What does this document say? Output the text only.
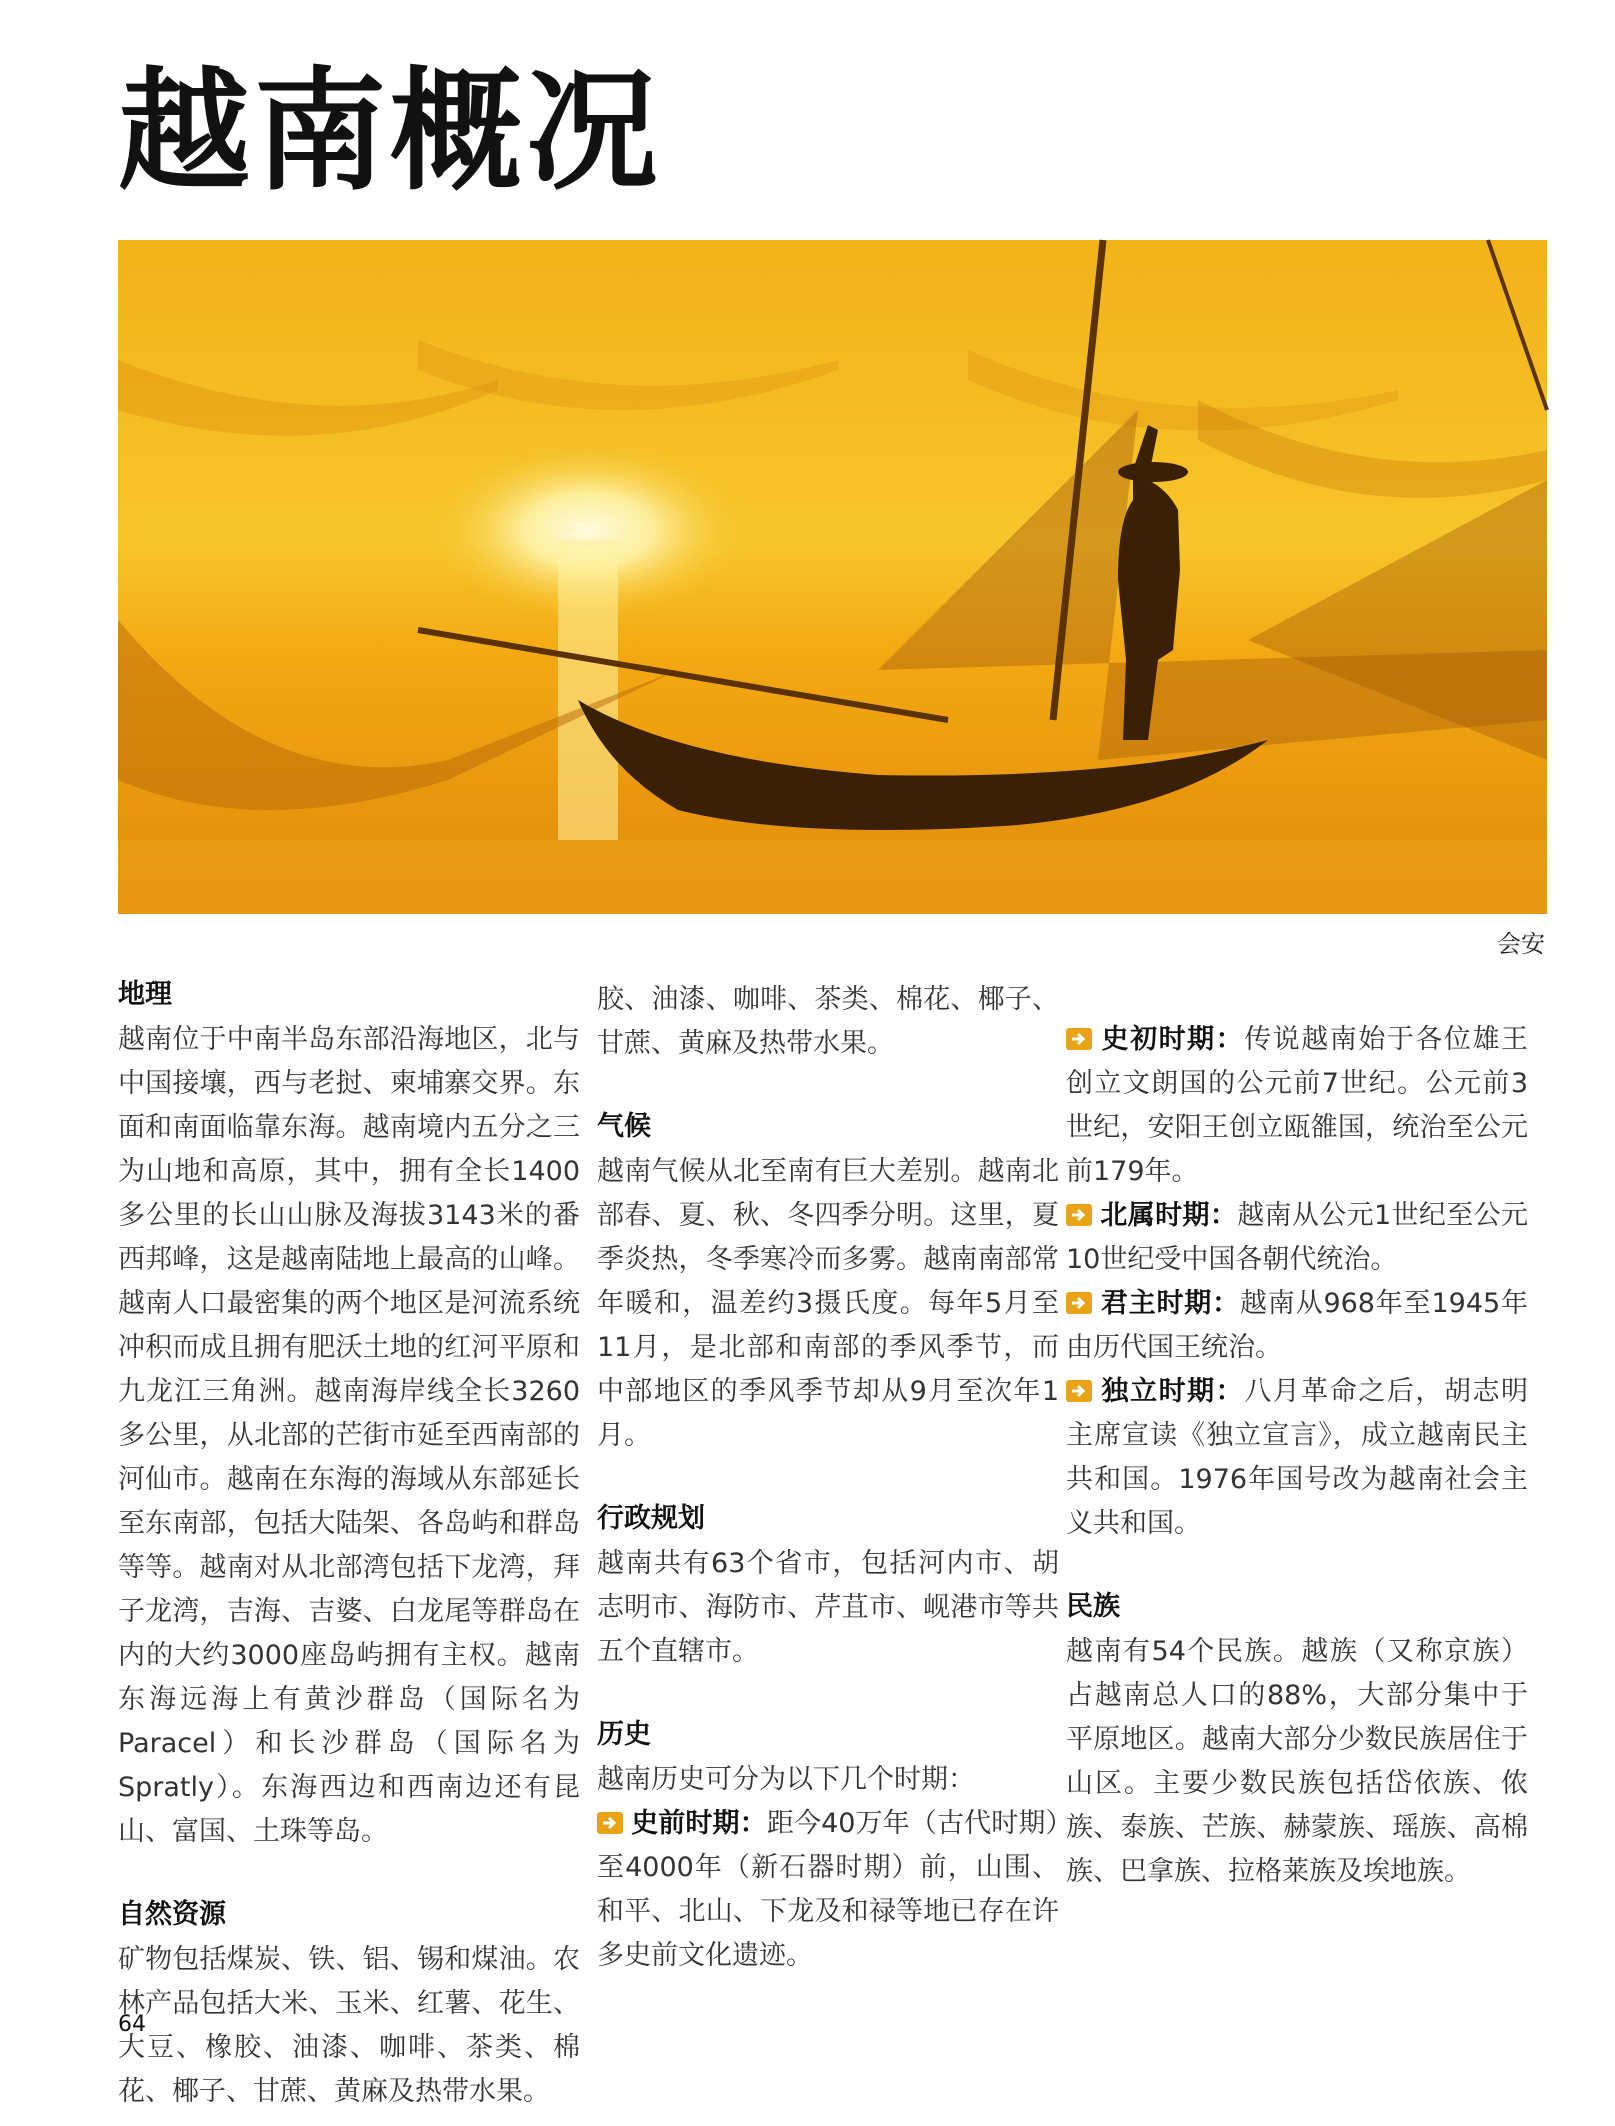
越南概况
会安
地理

越南位于中南半岛东部沿海地区，北与中国接壤，西与老挝、柬埔寨交界。东面和南面临靠东海。越南境内五分之三为山地和高原，其中，拥有全长1400多公里的长山山脉及海拔3143米的番西邦峰，这是越南陆地上最高的山峰。越南人口最密集的两个地区是河流系统冲积而成且拥有肥沃土地的红河平原和九龙江三角洲。越南海岸线全长3260多公里，从北部的芒街市延至西南部的河仙市。越南在东海的海域从东部延长至东南部，包括大陆架、各岛屿和群岛等等。越南对从北部湾包括下龙湾，拜子龙湾，吉海、吉婆、白龙尾等群岛在内的大约3000座岛屿拥有主权。越南东海远海上有黄沙群岛（国际名为Paracel）和长沙群岛（国际名为Spratly）。东海西边和西南边还有昆山、富国、土珠等岛。

自然资源

矿物包括煤炭、铁、铝、锡和煤油。农林产品包括大米、玉米、红薯、花生、大豆、橡胶、油漆、咖啡、茶类、棉花、椰子、甘蔗、黄麻及热带水果。

胶、油漆、咖啡、茶类、棉花、椰子、甘蔗、黄麻及热带水果。

气候

越南气候从北至南有巨大差别。越南北部春、夏、秋、冬四季分明。这里，夏季炎热，冬季寒冷而多雾。越南南部常年暖和，温差约3摄氏度。每年5月至11月，是北部和南部的季风季节，而中部地区的季风季节却从9月至次年1月。

行政规划

越南共有63个省市，包括河内市、胡志明市、海防市、芹苴市、岘港市等共五个直辖市。

历史

越南历史可分为以下几个时期：

史前时期：距今40万年（古代时期）至4000年（新石器时期）前，山围、和平、北山、下龙及和禄等地已存在许多史前文化遗迹。

史初时期：传说越南始于各位雄王创立文朗国的公元前7世纪。公元前3世纪，安阳王创立瓯雒国，统治至公元前179年。

北属时期：越南从公元1世纪至公元10世纪受中国各朝代统治。

君主时期：越南从968年至1945年由历代国王统治。

独立时期：八月革命之后，胡志明主席宣读《独立宣言》，成立越南民主共和国。1976年国号改为越南社会主义共和国。

民族

越南有54个民族。越族（又称京族）占越南总人口的88%，大部分集中于平原地区。越南大部分少数民族居住于山区。主要少数民族包括岱依族、侬族、泰族、芒族、赫蒙族、瑶族、高棉族、巴拿族、拉格莱族及埃地族。

64
